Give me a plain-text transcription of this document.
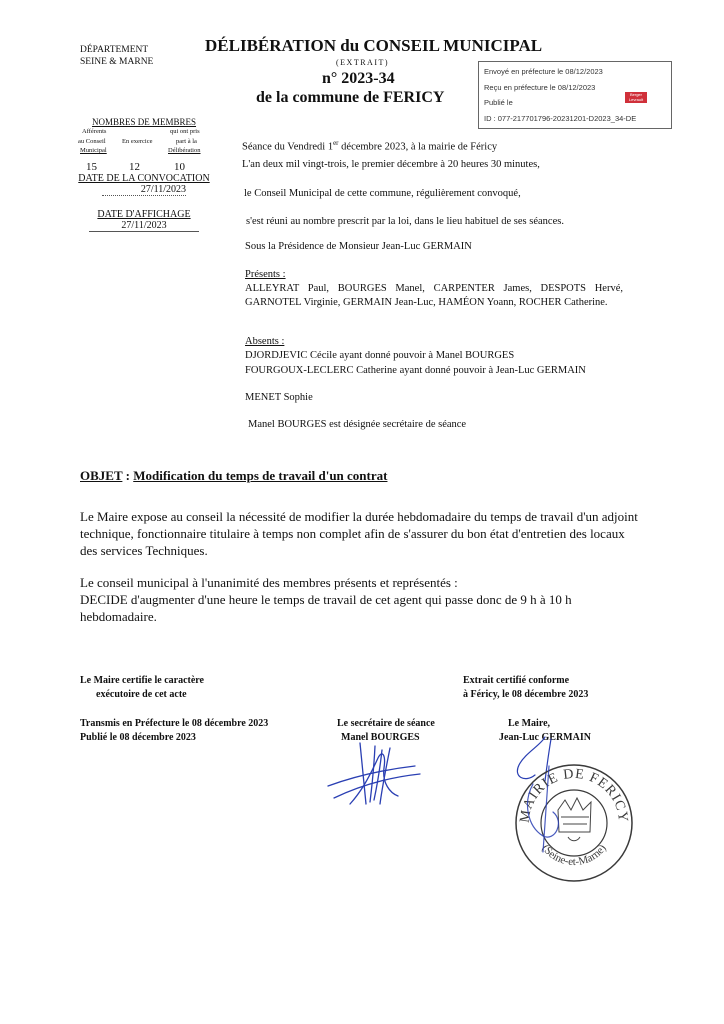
DÉPARTEMENT
SEINE & MARNE
DÉLIBÉRATION du CONSEIL MUNICIPAL
(EXTRAIT)
n° 2023-34
de la commune de FERICY
Envoyé en préfecture le 08/12/2023
Reçu en préfecture le 08/12/2023
Publié le
ID : 077-217701796-20231201-D2023_34-DE
Berger Levrault
NOMBRES DE MEMBRES
Afférents
au Conseil
Municipal
En exercice
qui ont pris
part à la
Délibération
15	12	10
DATE DE LA CONVOCATION
27/11/2023
DATE D'AFFICHAGE
27/11/2023
Séance du Vendredi 1er décembre 2023, à la mairie de Féricy
L'an deux mil vingt-trois, le premier décembre à 20 heures 30 minutes,
le Conseil Municipal de cette commune, régulièrement convoqué,
s'est réuni au nombre prescrit par la loi, dans le lieu habituel de ses séances.
Sous la Présidence de Monsieur Jean-Luc GERMAIN
Présents :
ALLEYRAT Paul, BOURGES Manel, CARPENTER James, DESPOTS Hervé, GARNOTEL Virginie, GERMAIN Jean-Luc, HAMÉON Yoann, ROCHER Catherine.
Absents :
DJORDJEVIC Cécile ayant donné pouvoir à Manel BOURGES
FOURGOUX-LECLERC Catherine ayant donné pouvoir à Jean-Luc GERMAIN
MENET Sophie
Manel BOURGES est désignée secrétaire de séance
OBJET : Modification du temps de travail d'un contrat
Le Maire expose au conseil la nécessité de modifier la durée hebdomadaire du temps de travail d'un adjoint technique, fonctionnaire titulaire à temps non complet afin de s'assurer du bon état d'entretien des locaux des services Techniques.
Le conseil municipal à l'unanimité des membres présents et représentés :
DECIDE d'augmenter d'une heure le temps de travail de cet agent qui passe donc de 9 h à 10 h hebdomadaire.
Le Maire certifie le caractère
exécutoire de cet acte
Extrait certifié conforme
à Féricy, le 08 décembre 2023
Transmis en Préfecture le 08 décembre 2023
Publié le 08 décembre 2023
Le secrétaire de séance
Manel BOURGES
Le Maire,
Jean-Luc GERMAIN
MAIRIE DE FERICY
(Seine-et-Marne)
